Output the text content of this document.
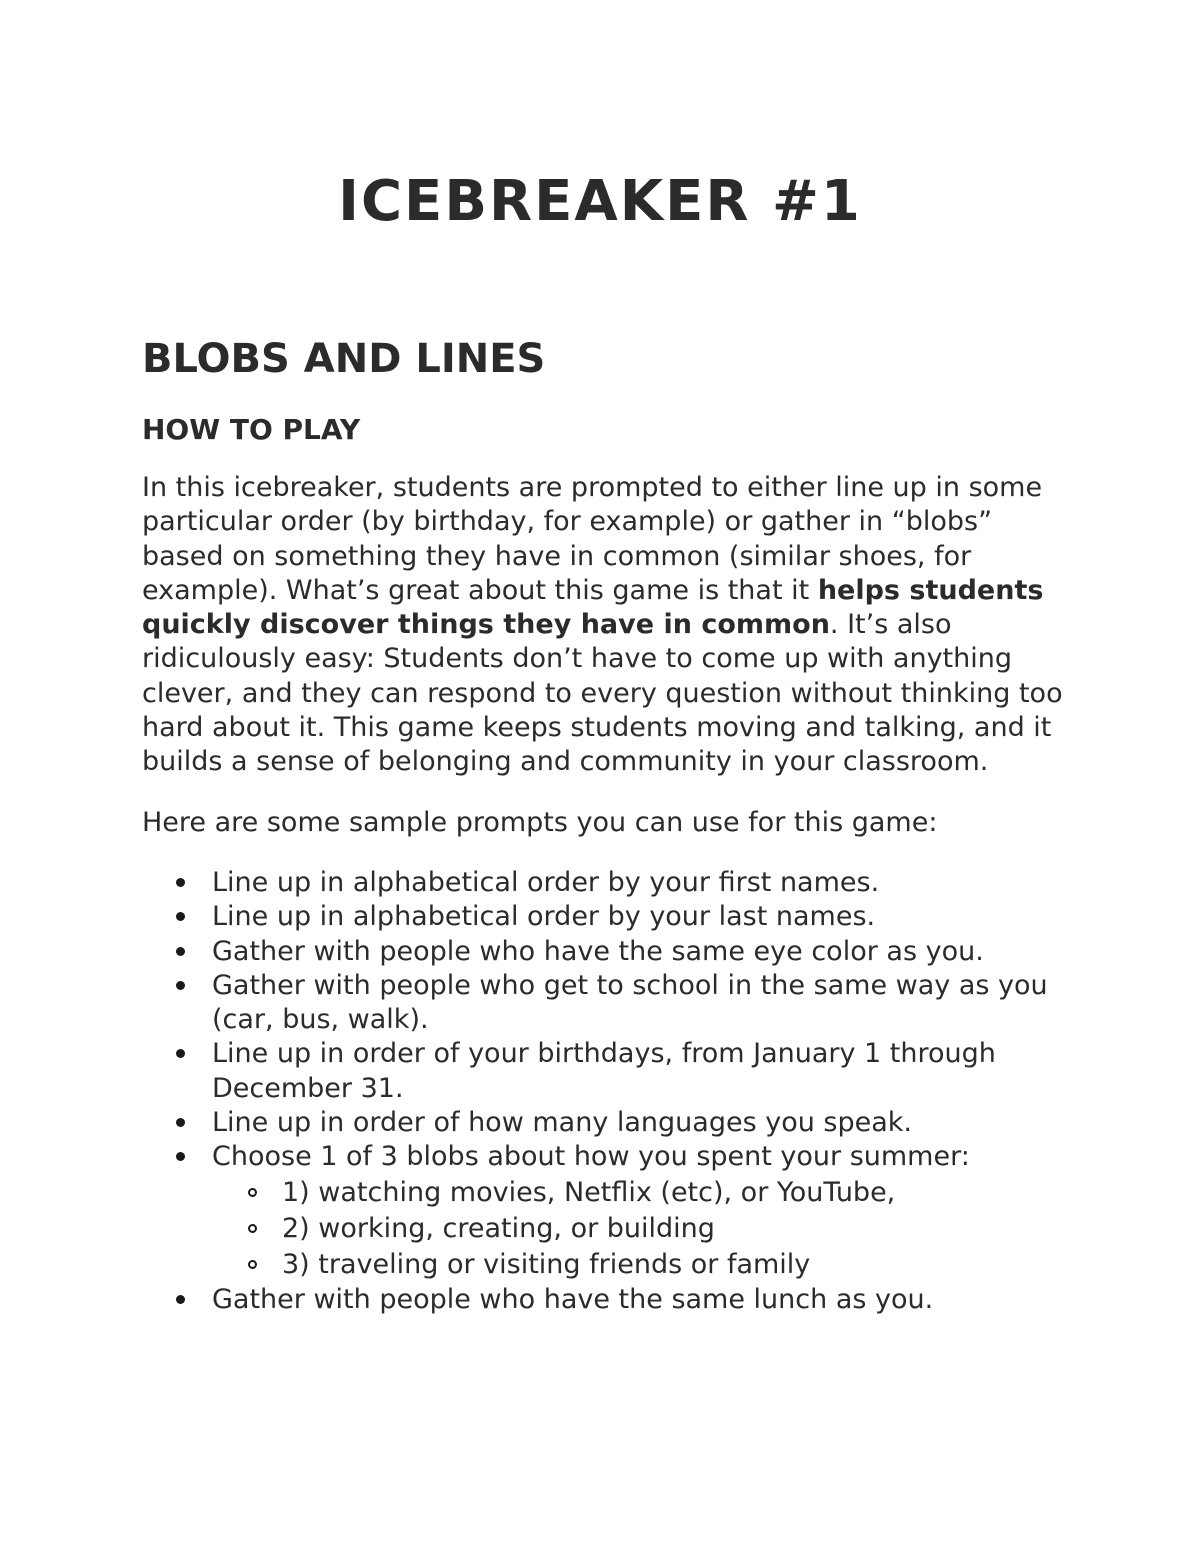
ICEBREAKER #1
BLOBS AND LINES
HOW TO PLAY

In this icebreaker, students are prompted to either line up in some particular order (by birthday, for example) or gather in “blobs” based on something they have in common (similar shoes, for example). What’s great about this game is that it helps students quickly discover things they have in common. It’s also ridiculously easy: Students don’t have to come up with anything clever, and they can respond to every question without thinking too hard about it. This game keeps students moving and talking, and it builds a sense of belonging and community in your classroom.

Here are some sample prompts you can use for this game:

Line up in alphabetical order by your first names.
Line up in alphabetical order by your last names.
Gather with people who have the same eye color as you.
Gather with people who get to school in the same way as you (car, bus, walk).
Line up in order of your birthdays, from January 1 through December 31.
Line up in order of how many languages you speak.
Choose 1 of 3 blobs about how you spent your summer:
1) watching movies, Netflix (etc), or YouTube,
2) working, creating, or building
3) traveling or visiting friends or family
Gather with people who have the same lunch as you.
